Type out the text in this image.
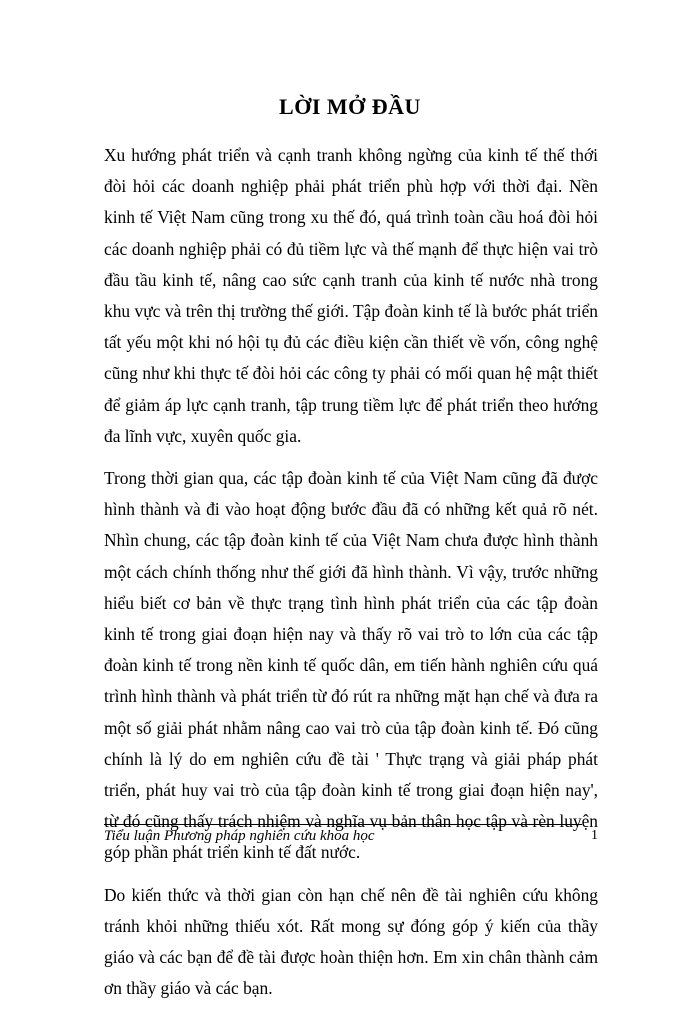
LỜI MỞ ĐẦU

Xu hướng phát triển và cạnh tranh không ngừng của kinh tế thế thới đòi hỏi các doanh nghiệp phải phát triển phù hợp với thời đại. Nền kinh tế Việt Nam cũng trong xu thế đó, quá trình toàn cầu hoá đòi hỏi các doanh nghiệp phải có đủ tiềm lực và thế mạnh để thực hiện vai trò đầu tầu kinh tế, nâng cao sức cạnh tranh của kinh tế nước nhà trong khu vực và trên thị trường thế giới. Tập đoàn kinh tế là bước phát triển tất yếu một khi nó hội tụ đủ các điều kiện cần thiết về vốn, công nghệ cũng như khi thực tế đòi hỏi các công ty phải có mối quan hệ mật thiết để giảm áp lực cạnh tranh, tập trung tiềm lực để phát triển theo hướng đa lĩnh vực, xuyên quốc gia.

Trong thời gian qua, các tập đoàn kinh tế của Việt Nam cũng đã được hình thành và đi vào hoạt động bước đầu đã có những kết quả rõ nét. Nhìn chung, các tập đoàn kinh tế của Việt Nam chưa được hình thành một cách chính thống như thế giới đã hình thành. Vì vậy, trước những hiểu biết cơ bản về thực trạng tình hình phát triển của các tập đoàn kinh tế trong giai đoạn hiện nay và thấy rõ vai trò to lớn của các tập đoàn kinh tế trong nền kinh tế quốc dân, em tiến hành nghiên cứu quá trình hình thành và phát triển từ đó rút ra những mặt hạn chế và đưa ra một số giải phát nhằm nâng cao vai trò của tập đoàn kinh tế. Đó cũng chính là lý do em nghiên cứu đề tài ' Thực trạng và giải pháp phát triển, phát huy vai trò của tập đoàn kinh tế trong giai đoạn hiện nay', từ đó cũng thấy trách nhiệm và nghĩa vụ bản thân học tập và rèn luyện góp phần phát triển kinh tế đất nước.

Do kiến thức và thời gian còn hạn chế nên đề tài nghiên cứu không tránh khỏi những thiếu xót. Rất mong sự đóng góp ý kiến của thầy giáo và các bạn để đề tài được hoàn thiện hơn. Em xin chân thành cảm ơn thầy giáo và các bạn.

Tiểu luận Phương pháp nghiên cứu khoa học	1
